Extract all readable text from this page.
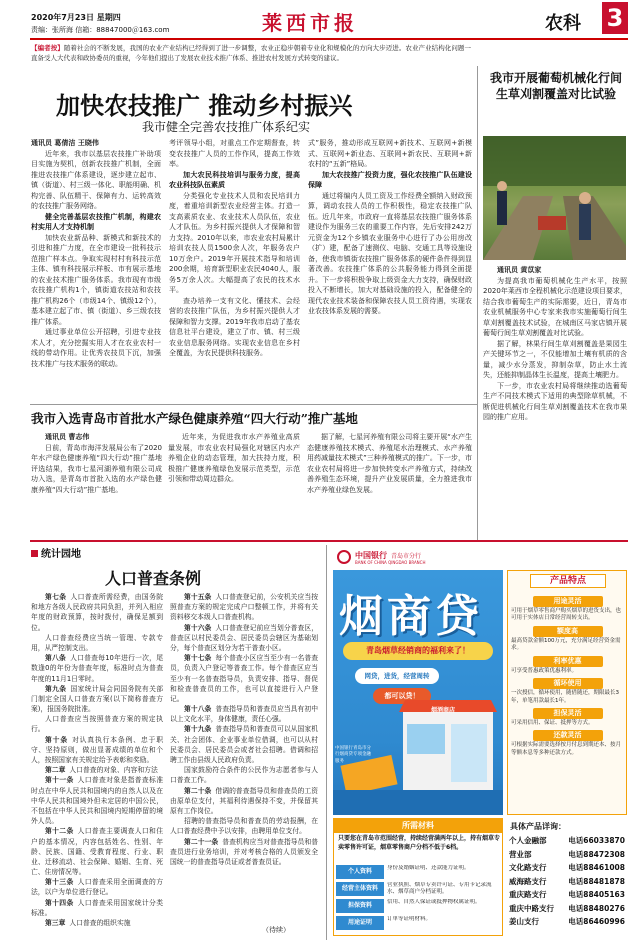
2020年7月23日 星期四
责编：张所海 信箱：88847000＠163.com	莱西市报	农科 3
【编者按】随着社会的不断发展，我国的农业产业结构已经得到了进一步调整，农业正稳步朝着专业化和规模化的方向大步迈进。农业产业结构化问题一直备受人大代表和政协委员的重视，今年他们提出了发展农业技术推广体系、推进农村发展方式转变的建议。
加快农技推广 推动乡村振兴
我市健全完善农技推广体系纪实
通讯员 葛倩洁 王晓伟
近年来，我市以基层农技推广补助项目实施为契机，创新农技推广机制，全面推进农技推广体系建设，逐步建立起市、镇（街道）、村三级一体化、职能明确、机构完善、队伍精干、保障有力、运转高效的农技推广服务网络。
健全完善基层农技推广机制，构建农村实用人才支持机制
加快农业新品种、新模式和新技术的引进和推广力度，在全市建设一批科技示范推广样本点。争取实现村村有科技示范主体、镇有科技展示样板、市有展示基地的农业技术推广服务体系。我市现有市级农技推广机构1个，镇街道农技站和农技推广机构26个（市级14个、镇级12个），基本建立起了市、镇（街道）、乡三级农技推广体系。
通过事业单位公开招聘，引进专业技术人才，充分挖掘实用人才在农业农村一线的带动作用。让优秀农技员下沉，加强技术推广与技术服务的联动。
考评领导小组，对重点工作定期督查，转变农技推广人员的工作作风，提高工作效率。
加大农民科技培训与服务力度，提高农业科技队伍素质
分类强化专业技术人员和农民培训力度，着重培训新型农业经营主体。打造一支高素质农业、农业技术人员队伍，农业人才队伍。为乡村振兴提供人才保障和智力支持。2010年以来，市农业农村局累计培训农技人员1500余人次，年服务农户10万余户。2019年开展技术指导和培训200余期，培育新型职业农民4040人，服务5万余人次。大幅提高了农民的技术水平。
查办培养一支有文化、懂技术、会经营的农技推广队伍，为乡村振兴提供人才保障和智力支撑。2019年我市启动了基农信息社平台建设，建立了市、镇、村三级农业信息服务网络。实现农业信息在乡村全覆盖，为农民提供科技服务。
式”服务，推动形成互联网+新技术、互联网+新模式、互联网+新业态、互联网+新农民、互联网+新农村的“五新”格局。
加大农技推广投资力度，强化农技推广队伍建设保障
通过将编内人员工资及工作经费全额纳入财政预算，调动农技人员的工作积极性，稳定农技推广队伍。近几年来，市政府一直将基层农技推广服务体系建设作为服务三农的重要工作内容，先后安排242万元资金为12个乡镇农业服务中心进行了办公用房改（扩）建，配备了速测仪、电脑、交通工具等设施设备，使我市镇街农技推广服务体系的硬件条件得到显著改善。农技推广体系的公共服务能力得到全面提升。下一步将积极争取上级资金大力支持，确保财政投入不断增长，加大对基础设施的投入，配备健全的现代农业技术装备和保障农技人员工资待遇，实现农业农技体系发展的需要。
我市开展葡萄机械化行间生草刈割覆盖对比试验
通讯员 黄苡家
为提高我市葡萄机械化生产水平，按照2020年莱西市全程机械化示范建设项目要求，结合我市葡萄生产的实际需要，近日，青岛市农业机械服务中心专家来我市实施葡萄行间生草刈割覆盖技术试验，在城南区马家店镇开展葡萄行间生草刈割覆盖对比试验。
据了解，林果行间生草刈割覆盖是果园生产关键环节之一，不仅能增加土壤有机质的含量，减少水分蒸发，抑制杂草，防止水土流失，还能抑制晶体生长温度，提高土壤肥力。
下一步，市农业农村局将继续推动选葡萄生产不同技术模式下适用的典型除草机械，不断促进机械化行间生草刈割覆盖技术在我市果园的推广应用。
我市入选青岛市首批水产绿色健康养殖“四大行动”推广基地
通讯员 曹志伟
日前，青岛市海洋发展局公布了2020年水产绿色健康养殖“四大行动”推广基地评选结果，我市七星河湖养殖有限公司成功入选，是青岛市首批入选的水产绿色健康养殖“四大行动”推广基地。
近年来，为促进我市水产养殖业高质量发展，市农业农村局强化对辖区内水产养殖企业的动态管理，加大扶持力度，积极推广健康养殖绿色发展示范类型，示范引领和带动周边群众。
据了解，七星河养殖有限公司将主要开展“水产生态健康养殖技术模式、养殖尾水治理模式、水产养殖用药减量技术模式”三种养殖模式的推广。下一步，市农业农村局将进一步加快转变水产养殖方式，持续改善养殖生态环境，提升产业发展质量，全力推进我市水产养殖业绿色发展。
统计园地
人口普查条例
第七条 人口普查所需经费，由国务院和地方各级人民政府共同负担，并列入相应年度的财政预算，按时拨付，确保足额到位。
人口普查经费应当统一管理、专款专用，从严控制支出。
第八条 人口普查每10年进行一次，尾数逢0的年份为普查年度，标准时点为普查年度的11月1日零时。
第九条 国家统计局会同国务院有关部门制定全国人口普查方案(以下简称普查方案)，报国务院批准。
人口普查应当按照普查方案的规定执行。
第十条 对认真执行本条例、忠于职守、坚持原则，做出显著成绩的单位和个人，按照国家有关规定给予表彰和奖励。
第二章 人口普查的对象、内容和方法
第十一条 人口普查对象是指普查标准时点在中华人民共和国境内的自然人以及在中华人民共和国境外但未定居的中国公民，不包括在中华人民共和国境内短期停留的境外人员。
第十二条 人口普查主要调查人口和住户的基本情况，内容包括姓名、性别、年龄、民族、国籍、受教育程度、行业、职业、迁移流动、社会保障、婚姻、生育、死亡、住房情况等。
第十三条 人口普查采用全面调查的方法，以户为单位进行登记。
第十四条 人口普查采用国家统计分类标准。
第三章 人口普查的组织实施
第十五条 人口普查登记前，公安机关应当按照普查方案的规定完成户口整顿工作，并将有关资料移交本级人口普查机构。
第十六条 人口普查登记前应当划分普查区，普查区以村民委员会、居民委员会辖区为基础划分，每个普查区划分为若干普查小区。
第十七条 每个普查小区应当至少有一名普查员，负责入户登记等普查工作。每个普查区应当至少有一名普查指导员，负责安排、指导、督促和检查普查员的工作，也可以直接进行入户登记。
第十八条 普查指导员和普查员应当具有初中以上文化水平，身体健康，责任心强。
第十九条 普查指导员和普查员可以从国家机关、社会团体、企业事业单位借调，也可以从村民委员会、居民委员会或者社会招聘。借调和招聘工作由县级人民政府负责。
国家鼓励符合条件的公民作为志愿者参与人口普查工作。
第二十条 借调的普查指导员和普查员的工资由原单位支付，其福利待遇保持不变，并保留其原有工作岗位。
招聘的普查指导员和普查员的劳动报酬，在人口普查经费中予以安排，由聘用单位支付。
第二十一条 普查机构应当对普查指导员和普查员进行业务培训，并对考核合格的人员颁发全国统一的普查指导员证或者普查员证。
（待续）
中国银行 青岛市分行
BANK OF CHINA QINGDAO BRANCH
烟商贷
青岛烟草经销商的福利来了！
网贷，进货，经营周转
都可以贷！
烟酒商店
中国银行青岛市分行烟商贷专项金融服务
产品特点
用途灵活
可用于烟草零售商户购买烟草的进货支出，也可用于实体店日常经营周转支出。
额度高
最高贷款金额100万元，充分满足经营资金需求。
利率优惠
可享受普惠政策优惠利率。
循环使用
一次授信，循环使用，随借随还，期限最长3年，单笔用款最长1年。
担保灵活
可采用信用、保证、抵押等方式。
还款灵活
可根据实际需要选择按月付息到期还本、按月等额本息等多种还款方式。
所需材料
只要您在青岛市范围经营，持续经营满两年以上，持有烟草专卖零售许可证，烟草零售商户分档不低于6档。
个人资料	身份及婚姻证明、还款能力证明。
经营主体资料	营业执照、烟草专卖许可证、专用卡记录流水、烟草商户分档证明。
担保资料	信用、自然人保证或抵押物权属证明。
用途证明	订单等证明材料。
具体产品详询：
个人金融部	电话66033870
营业部	电话88472308
文化路支行	电话88461008
威海路支行	电话88481878
重庆路支行	电话88405163
重庆中路支行 电话88480276
姜山支行	电话86460996
